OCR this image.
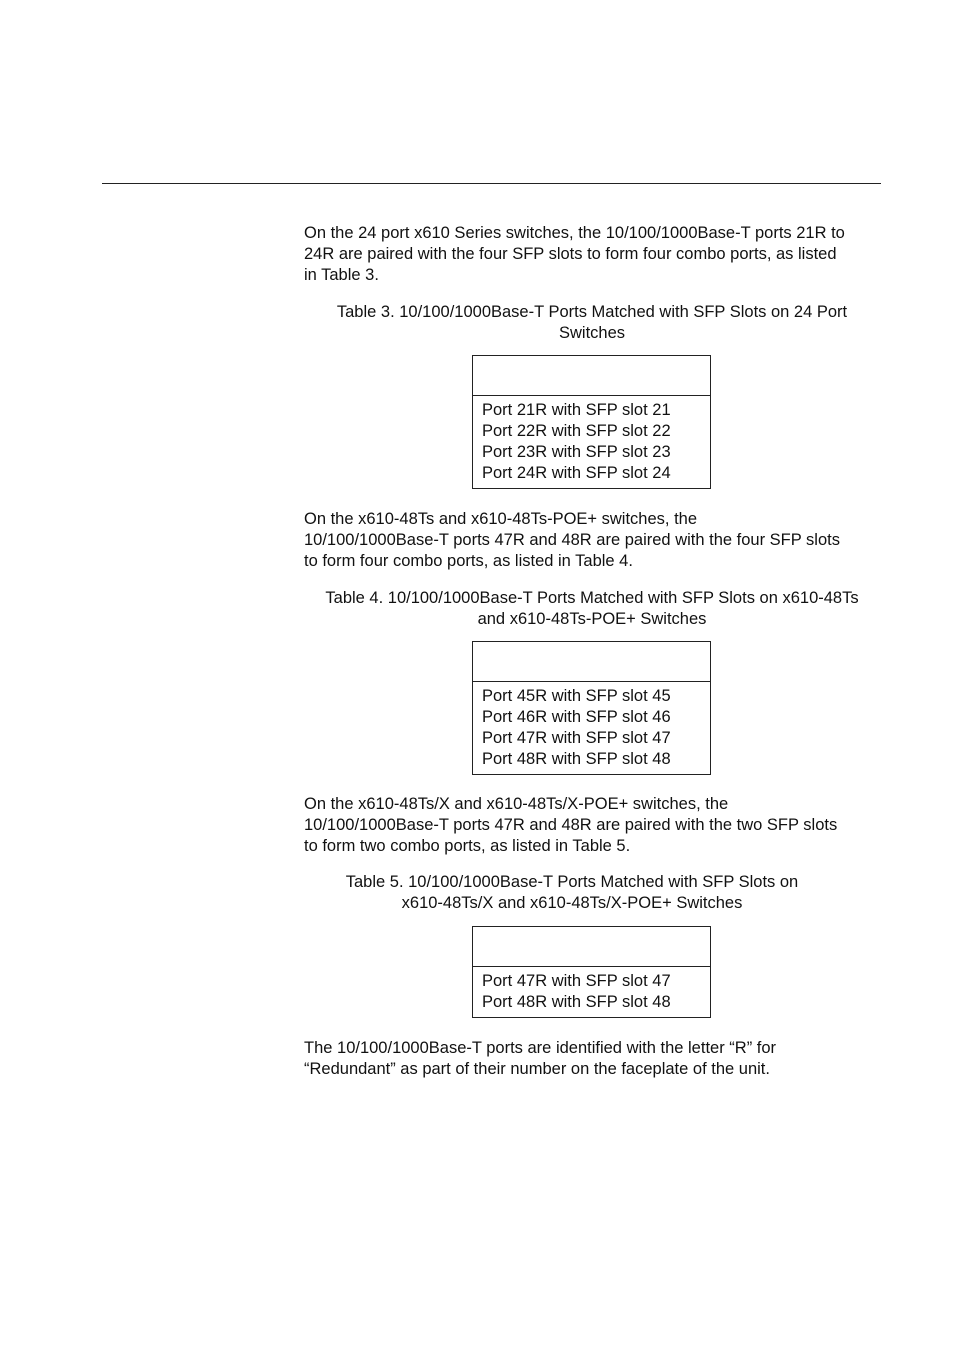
On the 24 port x610 Series switches, the 10/100/1000Base-T ports 21R to
24R are paired with the four SFP slots to form four combo ports, as listed
in Table 3.
Table 3. 10/100/1000Base-T Ports Matched with SFP Slots on 24 Port
Switches
Port 21R with SFP slot 21
Port 22R with SFP slot 22
Port 23R with SFP slot 23
Port 24R with SFP slot 24
On the x610-48Ts and x610-48Ts-POE+ switches, the
10/100/1000Base-T ports 47R and 48R are paired with the four SFP slots
to form four combo ports, as listed in Table 4.
Table 4. 10/100/1000Base-T Ports Matched with SFP Slots on x610-48Ts
and x610-48Ts-POE+ Switches
Port 45R with SFP slot 45
Port 46R with SFP slot 46
Port 47R with SFP slot 47
Port 48R with SFP slot 48
On the x610-48Ts/X and x610-48Ts/X-POE+ switches, the
10/100/1000Base-T ports 47R and 48R are paired with the two SFP slots
to form two combo ports, as listed in Table 5.
Table 5. 10/100/1000Base-T Ports Matched with SFP Slots on
x610-48Ts/X and x610-48Ts/X-POE+ Switches
Port 47R with SFP slot 47
Port 48R with SFP slot 48
The 10/100/1000Base-T ports are identified with the letter “R” for
“Redundant” as part of their number on the faceplate of the unit.
